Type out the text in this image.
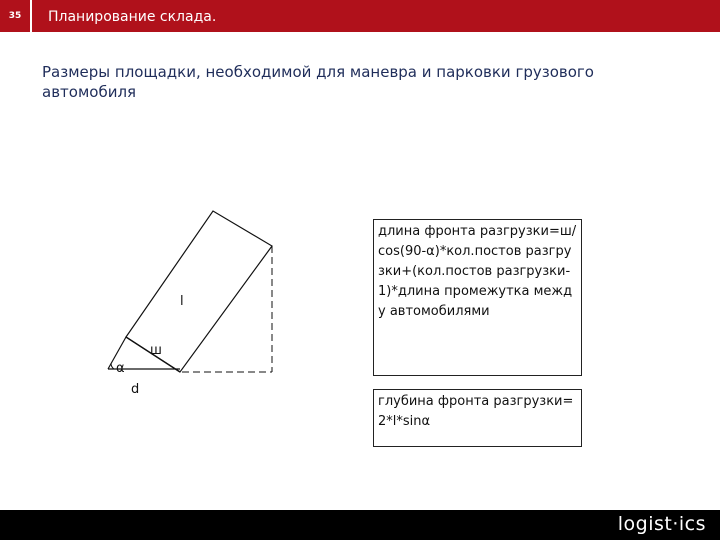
35	Планирование склада.
Размеры площадки, необходимой для маневра и парковки грузового автомобиля
l
ш
α
d
длина фронта разгрузки=ш/cos(90-α)*кол.постов разгрузки+(кол.постов разгрузки-1)*длина промежутка между автомобилями
глубина фронта разгрузки=2*l*sinα
logist·ics
